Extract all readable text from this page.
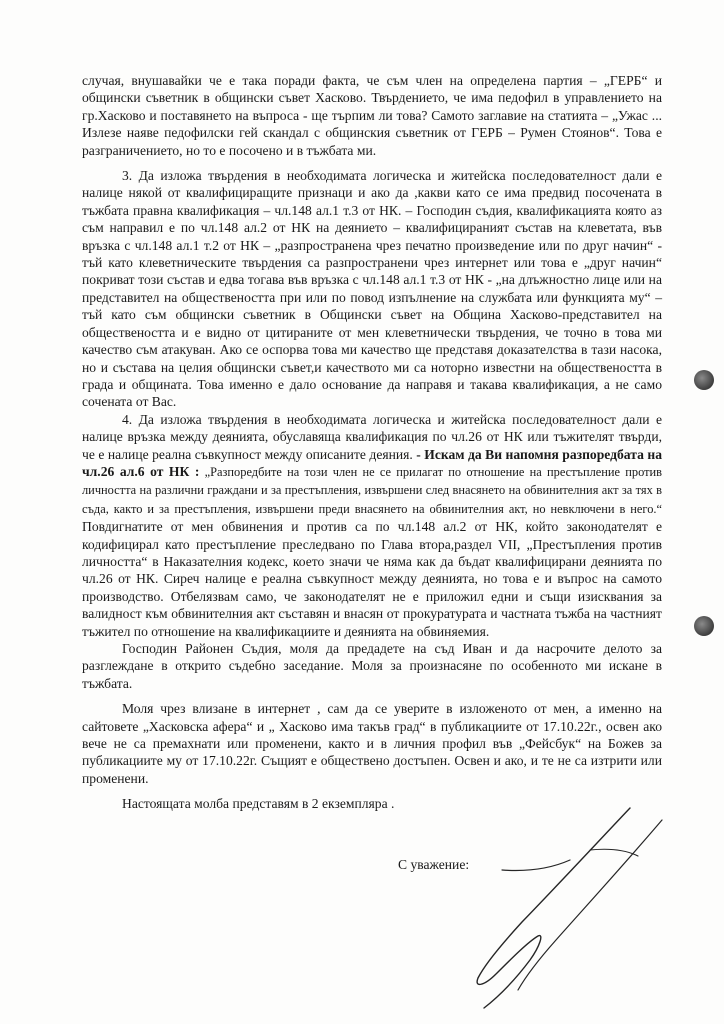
случая, внушавайки че е така поради факта, че съм член на определена партия – „ГЕРБ“ и общински съветник в общински съвет Хасково. Твърдението, че има педофил в управлението на гр.Хасково и поставянето на въпроса - ще търпим ли това? Самото заглавие на статията – „Ужас ... Излезе наяве педофилски гей скандал с общинския съветник от ГЕРБ – Румен Стоянов“. Това е разграничението, но то е посочено и в тъжбата ми.

3. Да изложа твърдения в необходимата логическа и житейска последователност дали е налице някой от квалифициращите признаци и ако да ,какви като се има предвид посочената в тъжбата правна квалификация – чл.148 ал.1 т.3 от НК. – Господин съдия, квалификацията която аз съм направил е по чл.148 ал.2 от НК на деянието – квалифицираният състав на клеветата, във връзка с чл.148 ал.1 т.2 от НК – „разпространена чрез печатно произведение или по друг начин“ - тъй като клеветническите твърдения са разпространени чрез интернет или това е „друг начин“ покриват този състав и едва тогава във връзка с чл.148 ал.1 т.3 от НК - „на длъжностно лице или на представител на обществеността при или по повод изпълнение на службата или функцията му“ – тъй като съм общински съветник в Общински съвет на Община Хасково-представител на обществеността и е видно от цитираните от мен клеветнически твърдения, че точно в това ми качество съм атакуван. Ако се оспорва това ми качество ще представя доказателства в тази насока, но и състава на целия общински съвет,и качеството ми са ноторно известни на обществеността в града и общината. Това именно е дало основание да направя и такава квалификация, а не само сочената от Вас.

4. Да изложа твърдения в необходимата логическа и житейска последователност дали е налице връзка между деянията, обуславяща квалификация по чл.26 от НК или тъжителят твърди, че е налице реална съвкупност между описаните деяния. - Искам да Ви напомня разпоредбата на чл.26 ал.6 от НК : „Разпоредбите на този член не се прилагат по отношение на престъпление против личността на различни граждани и за престъпления, извършени след внасянето на обвинителния акт за тях в съда, както и за престъпления, извършени преди внасянето на обвинителния акт, но невключени в него.“ Повдигнатите от мен обвинения и против са по чл.148 ал.2 от НК, който законодателят е кодифицирал като престъпление преследвано по Глава втора,раздел VII, „Престъпления против личността“ в Наказателния кодекс, което значи че няма как да бъдат квалифицирани деянията по чл.26 от НК. Сиреч налице е реална съвкупност между деянията, но това е и въпрос на самото производство. Отбелязвам само, че законодателят не е приложил едни и същи изисквания за валидност към обвинителния акт съставян и внасян от прокуратурата и частната тъжба на частният тъжител по отношение на квалификациите и деянията на обвиняемия.

Господин Районен Съдия, моля да предадете на съд Иван и да насрочите делото за разглеждане в открито съдебно заседание. Моля за произнасяне по особенното ми искане в тъжбата.

Моля чрез влизане в интернет , сам да се уверите в изложеното от мен, а именно на сайтовете „Хасковска афера“ и „ Хасково има такъв град“ в публикациите от 17.10.22г., освен ако вече не са премахнати или променени, както и в личния профил във „Фейсбук“ на Божев за публикациите му от 17.10.22г. Същият е обществено достъпен. Освен и ако, и те не са изтрити или променени.

Настоящата молба представям в 2 екземпляра .

С уважение:
